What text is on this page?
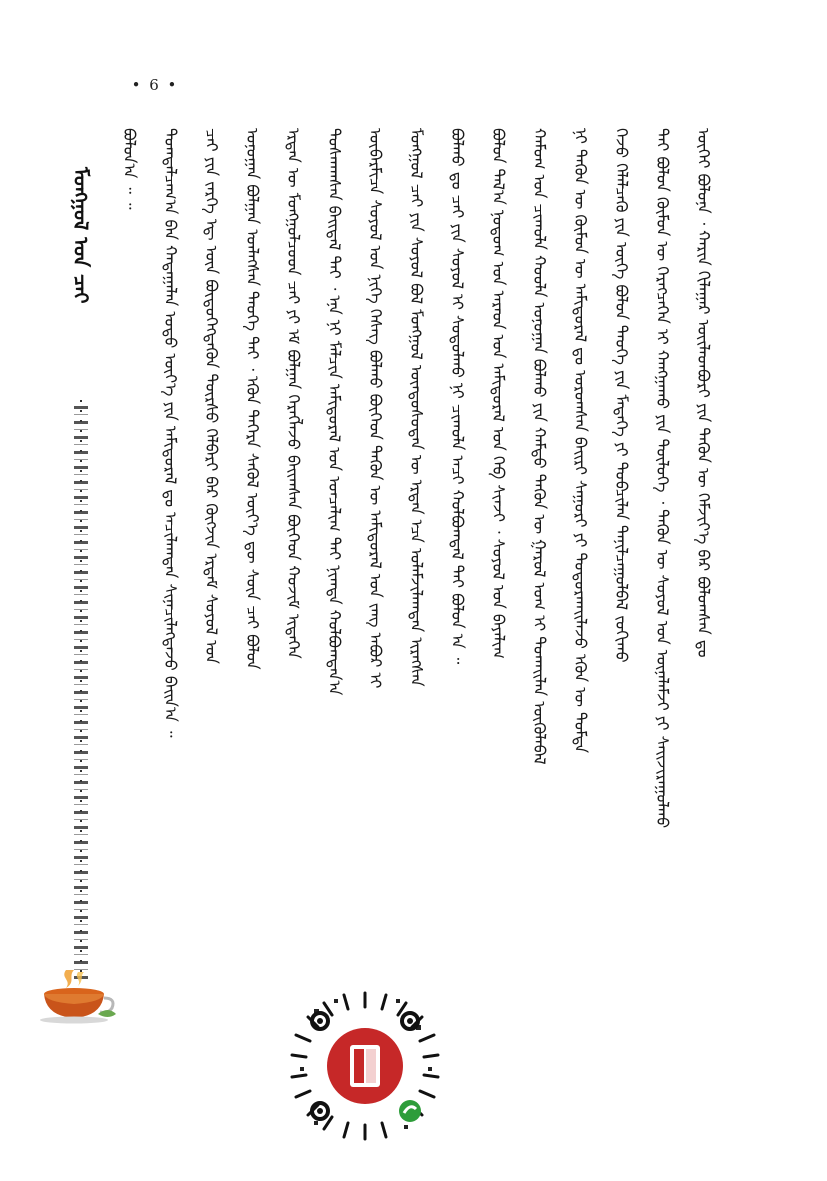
• 6 •
ᠮᠣᠩᠭᠣᠯ ᠤᠨ ᠴᠠᠢ	ᠦᠭᠡᠢ ᠪᠣᠯᠤᠨᠠ ᠂ ᠬᠠᠷᠢᠨ ᠬᠢᠯᠠᠭᠠᠷ ᠦᠢᠯᠡᠳᠪᠦᠷᠢ ᠶᠢᠨ ᠲᠡᠭᠦᠨ ᠦ ᠬᠡᠮᠵᠢᠶ᠎ᠡ ᠪᠡᠷ ᠪᠣᠯᠣᠭᠰᠠᠨ ᠳᠤ
ᠲᠠᠢ ᠪᠣᠯᠣᠨ ᠬᠦᠮᠦᠨ ᠦ ᠬᠡᠷᠡᠭᠴᠡᠭᠡᠨ ᠢ ᠬᠠᠩᠭᠠᠬᠤ ᠶᠢᠨ ᠲᠦᠯᠦᠭᠡ ᠂ ᠲᠡᠭᠦᠨ ᠦ ᠰᠣᠶᠤᠯ ᠤᠨ ᠦᠨᠡᠯᠡᠮᠵᠢ ᠶᠢ ᠰᠠᠢᠵᠢᠷᠠᠭᠤᠯᠬᠤ
ᠭᠡᠵᠦ ᠬᠡᠯᠡᠯᠴᠡᠬᠦ ᠶᠢᠨ ᠦᠭᠡ ᠪᠣᠯᠤᠨ ᠲᠡᠦᠬᠡ ᠶᠢᠨ ᠮᠡᠳᠡᠭᠡ ᠶᠢ ᠲᠣᠪᠴᠢᠯᠠᠨ ᠲᠠᠨᠢᠯᠴᠠᠭᠤᠯᠪᠠᠯ ᠵᠣᠬᠢᠬᠤ
ᠨᠢ ᠲᠡᠭᠦᠨ ᠦ ᠬᠦᠮᠦᠨ ᠦ ᠠᠮᠢᠳᠤᠷᠠᠯ ᠳᠤ ᠣᠷᠣᠭᠰᠠᠨ ᠪᠠᠢᠷᠢ ᠰᠠᠭᠤᠷᠢ ᠶᠢ ᠲᠣᠳᠣᠷᠬᠠᠢᠯᠠᠵᠤ ᠡᠭᠦᠨ ᠦ ᠳᠤᠮᠳᠠ
ᠬᠠᠮᠤᠭ ᠤᠨ ᠴᠢᠬᠤᠯᠠ ᠬᠣᠣᠯᠠ ᠤᠨᠤᠭᠠᠨ ᠪᠣᠯᠬᠤ ᠶᠢᠨ ᠬᠠᠮᠲᠤ ᠲᠡᠭᠦᠨ ᠦ ᠭᠠᠷᠤᠯ ᠤᠭ ᠢ ᠲᠤᠬᠠᠢᠯᠠᠨ ᠥᠭᠦᠯᠡᠪᠡᠯ
ᠪᠣᠯᠤᠨ ᠲᠠᠯ᠎ᠠ ᠨᠤᠲᠤᠭ ᠤᠨ ᠠᠷᠠᠳ ᠤᠨ ᠠᠮᠢᠳᠤᠷᠠᠯ ᠤᠨ ᠬᠡᠪ ᠰᠢᠨᠵᠢ ᠂ ᠰᠣᠶᠤᠯ ᠤᠨ ᠪᠠᠶᠠᠯᠢᠭ
ᠪᠣᠯᠬᠤ ᠳᠤ ᠴᠠᠢ ᠶᠢᠨ ᠰᠣᠶᠤᠯ ᠢ ᠰᠤᠳᠤᠯᠬᠤ ᠨᠢ ᠴᠢᠬᠤᠯᠠ ᠠᠴᠢ ᠬᠣᠯᠪᠣᠭᠳᠠᠯ ᠲᠠᠢ ᠪᠣᠯᠤᠨ ᠠ ᠃
ᠮᠣᠩᠭᠣᠯ ᠴᠠᠢ ᠶᠢᠨ ᠰᠣᠶᠤᠯ ᠪᠣᠯ ᠮᠣᠩᠭᠣᠯ ᠦᠨᠳᠦᠰᠦᠲᠡᠨ ᠦ ᠡᠷᠲᠡᠨ ᠡᠴᠡ ᠤᠯᠠᠮᠵᠢᠯᠠᠭᠳᠠᠨ ᠢᠷᠡᠭᠰᠡᠨ
ᠥᠪᠡᠷᠮᠢᠴᠡ ᠰᠣᠶᠤᠯ ᠤᠨ ᠨᠢᠭᠡ ᠬᠡᠰᠡᠭ ᠪᠣᠯᠬᠤ ᠪᠥᠭᠡᠳ ᠲᠡᠭᠦᠨ ᠦ ᠠᠮᠢᠳᠤᠷᠠᠯ ᠤᠨ ᠵᠠᠩ ᠠᠪᠤᠷ ᠢ
ᠲᠤᠰᠬᠠᠭᠰᠠᠨ ᠪᠠᠢᠳᠠᠯ ᠲᠠᠢ ᠂ ᠡᠨᠡ ᠨᠢ ᠮᠠᠯᠴᠢᠨ ᠠᠮᠢᠳᠤᠷᠠᠯ ᠤᠨ ᠣᠨᠴᠠᠯᠢᠭ ᠲᠠᠢ ᠨᠢᠭᠲᠠ ᠬᠣᠯᠪᠣᠭᠳᠠᠨ᠎ᠠ
ᠡᠷᠲᠡᠨ ᠦ ᠮᠣᠩᠭᠣᠯᠴᠤᠳ ᠴᠠᠢ ᠶᠢ ᠡᠮ ᠪᠣᠯᠭᠠᠨ ᠬᠡᠷᠡᠭᠯᠡᠵᠦ ᠪᠠᠢᠭᠰᠠᠨ ᠪᠥᠭᠡᠳ ᠬᠣᠵᠢᠮ ᠢᠳᠡᠭᠡᠨ
ᠤᠨᠤᠭᠠᠨ ᠪᠣᠯᠭᠠᠨ ᠡᠳᠯᠡᠭᠰᠡᠨ ᠲᠡᠦᠬᠡ ᠲᠠᠢ ᠂ ᠡᠭᠦᠨ ᠳᠡᠭᠡᠷᠡ ᠰᠡᠭᠦᠯ ᠦᠶ᠎ᠡ ᠳᠦ ᠰᠦᠨ ᠴᠠᠢ ᠪᠣᠯᠤᠨ
ᠴᠠᠢ ᠶᠢᠨ ᠵᠡᠷᠭᠡ ᠡᠳ᠋ ᠦᠨ ᠪᠦᠲᠦᠭᠡᠭᠳᠡᠬᠦᠨ ᠳᠦᠷᠰᠦ ᠬᠡᠯᠪᠡᠷᠢ ᠪᠡᠷ ᠬᠥᠭᠵᠢᠨ ᠡᠷᠳᠡᠮ ᠰᠣᠶᠤᠯ ᠤᠨ
ᠲᠣᠭᠲᠠᠯᠴᠠᠭ᠎ᠠ ᠪᠠᠨ ᠬᠠᠳᠠᠭᠠᠯᠠᠨ ᠣᠳᠣ ᠦᠶ᠎ᠡ ᠶᠢᠨ ᠠᠮᠢᠳᠤᠷᠠᠯ ᠳᠤ ᠠᠴᠢᠯᠠᠭᠳᠠᠨ ᠰᠢᠨᠡᠴᠢᠯᠡᠭᠳᠡᠵᠦ ᠪᠠᠢᠨ᠎ᠠ ᠃
ᠪᠣᠯᠤᠨ᠎ᠠ ᠃ ᠃
